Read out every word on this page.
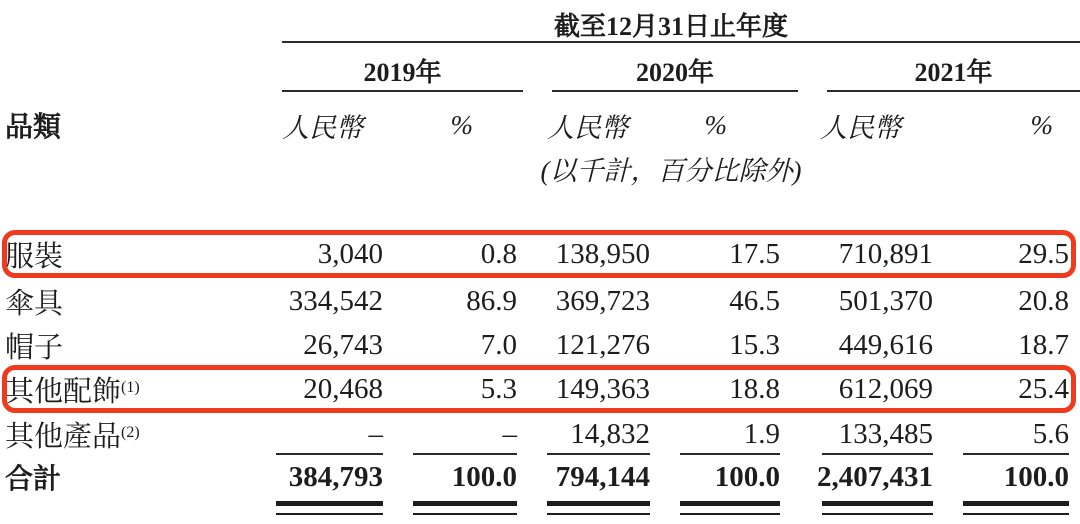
截至12月31日止年度
2019年	2020年	2021年
品類	人民幣	%	人民幣	%	人民幣	%
(以千計，百分比除外)
服裝	3,040	0.8	138,950	17.5	710,891	29.5
傘具	334,542	86.9	369,723	46.5	501,370	20.8
帽子	26,743	7.0	121,276	15.3	449,616	18.7
其他配飾$^{(1)}$	20,468	5.3	149,363	18.8	612,069	25.4
其他產品$^{(2)}$	–	–	14,832	1.9	133,485	5.6
合計	384,793	100.0	794,144	100.0	2,407,431	100.0
